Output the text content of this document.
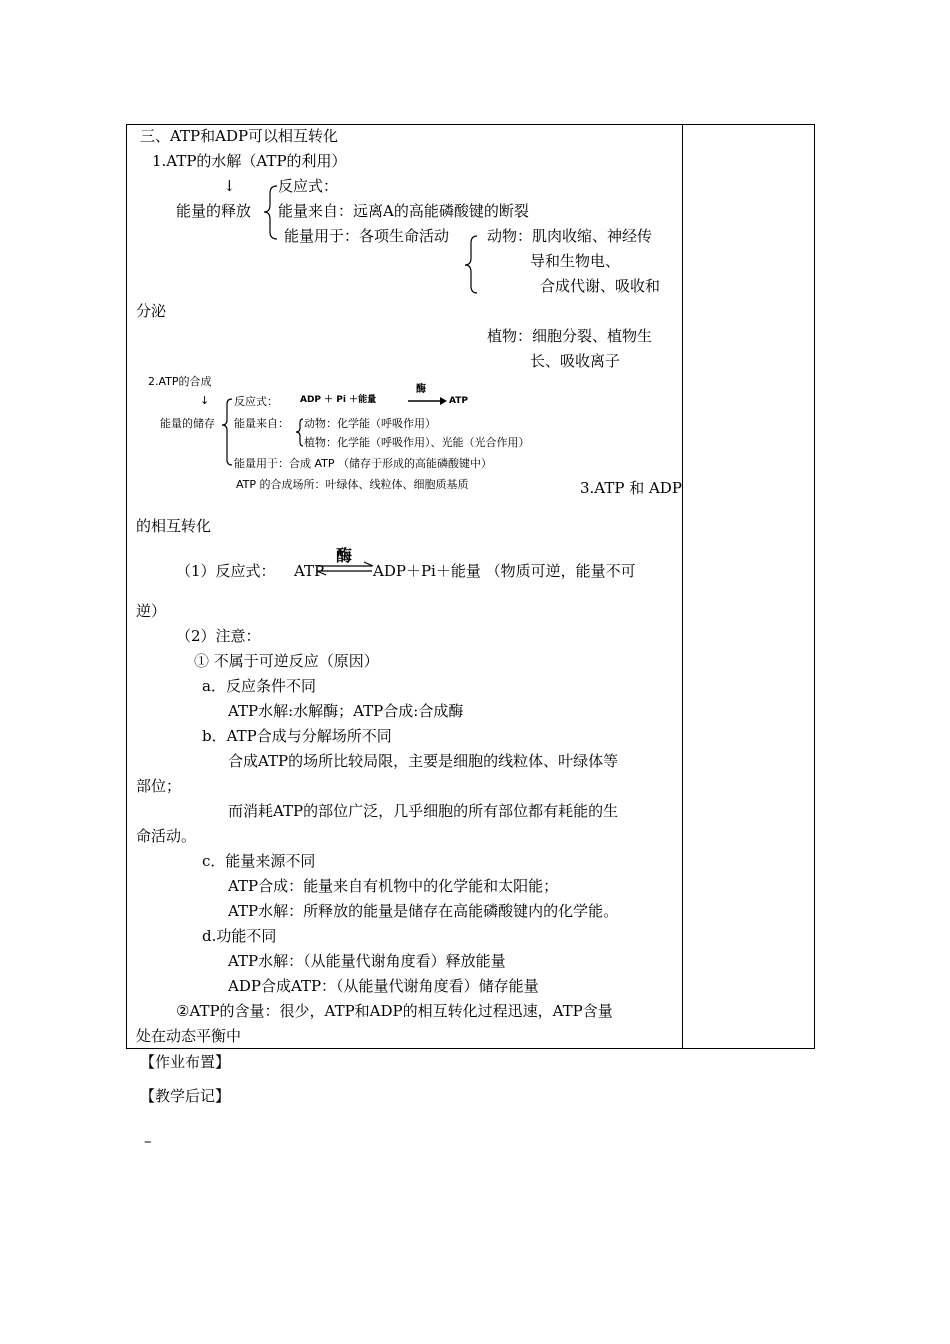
三、ATP和ADP可以相互转化
1.ATP的水解（ATP的利用）
↓
能量的释放
反应式：
能量来自：远离A的高能磷酸键的断裂
能量用于：各项生命活动	动物：肌肉收缩、神经传
导和生物电、
合成代谢、吸收和
分泌
植物：细胞分裂、植物生
长、吸收离子
2.ATP的合成
↓
能量的储存
反应式： ADP ＋ Pi ＋能量
酶
ATP
能量来自： 动物：化学能（呼吸作用）
植物：化学能（呼吸作用）、光能（光合作用）
能量用于：合成 ATP （储存于形成的高能磷酸键中）
ATP 的合成场所：叶绿体、线粒体、细胞质基质	3.ATP 和 ADP
的相互转化
（1）反应式： ATP
酶
ADP＋Pi＋能量 （物质可逆，能量不可
逆）
（2）注意：
① 不属于可逆反应（原因）
a．反应条件不同
ATP水解:水解酶；ATP合成:合成酶
b．ATP合成与分解场所不同
合成ATP的场所比较局限，主要是细胞的线粒体、叶绿体等
部位；
而消耗ATP的部位广泛，几乎细胞的所有部位都有耗能的生
命活动。
c．能量来源不同
ATP合成：能量来自有机物中的化学能和太阳能；
ATP水解：所释放的能量是储存在高能磷酸键内的化学能。
d.功能不同
ATP水解：（从能量代谢角度看）释放能量
ADP合成ATP：（从能量代谢角度看）储存能量
②ATP的含量：很少，ATP和ADP的相互转化过程迅速，ATP含量
处在动态平衡中
【作业布置】
【教学后记】
–
